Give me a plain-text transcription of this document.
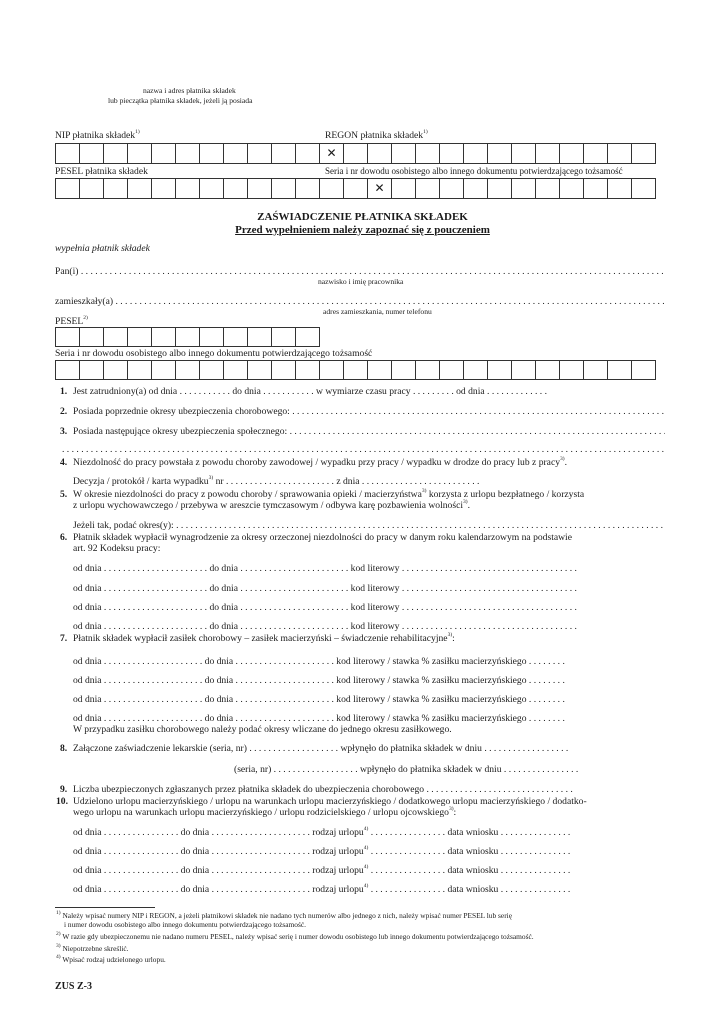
nazwa i adres płatnika składek
lub pieczątka płatnika składek, jeżeli ją posiada
NIP płatnika składek$^{1)}$	REGON płatnika składek$^{1)}$
✕
PESEL płatnika składek	Seria i nr dowodu osobistego albo innego dokumentu potwierdzającego tożsamość
✕
ZAŚWIADCZENIE PŁATNIKA SKŁADEK
Przed wypełnieniem należy zapoznać się z pouczeniem
wypełnia płatnik składek
Pan(i) . . .
nazwisko i imię pracownika
zamieszkały(a) . . .
adres zamieszkania, numer telefonu
PESEL$^{2)}$
Seria i nr dowodu osobistego albo innego dokumentu potwierdzającego tożsamość
1. Jest zatrudniony(a) od dnia . . . . . . . . . . . do dnia . . . . . . . . . . . w wymiarze czasu pracy . . . . . . . . . od dnia . . . . . . . . . . . . .
2. Posiada poprzednie okresy ubezpieczenia chorobowego: . . .
3. Posiada następujące okresy ubezpieczenia społecznego: . . .
. . .
4. Niezdolność do pracy powstała z powodu choroby zawodowej / wypadku przy pracy / wypadku w drodze do pracy lub z pracy$^{3)}$.
Decyzja / protokół / karta wypadku$^{3)}$ nr . . . . . . . . . . . . . . . . . . . . . . . z dnia . . . . . . . . . . . . . . . . . . . . . . . . .
5. W okresie niezdolności do pracy z powodu choroby / sprawowania opieki / macierzyństwa$^{3)}$ korzysta z urlopu bezpłatnego / korzysta
z urlopu wychowawczego / przebywa w areszcie tymczasowym / odbywa karę pozbawienia wolności$^{3)}$.
Jeżeli tak, podać okres(y): . . .
6. Płatnik składek wypłacił wynagrodzenie za okresy orzeczonej niezdolności do pracy w danym roku kalendarzowym na podstawie
art. 92 Kodeksu pracy:
od dnia . . . . . . . . . . . . . . . . . . . . . . do dnia . . . . . . . . . . . . . . . . . . . . . . . kod literowy . . . . . . . . . . . . . . . . . . . . . . . . . . . . . . . . . . . . .
od dnia . . . . . . . . . . . . . . . . . . . . . . do dnia . . . . . . . . . . . . . . . . . . . . . . . kod literowy . . . . . . . . . . . . . . . . . . . . . . . . . . . . . . . . . . . . .
od dnia . . . . . . . . . . . . . . . . . . . . . . do dnia . . . . . . . . . . . . . . . . . . . . . . . kod literowy . . . . . . . . . . . . . . . . . . . . . . . . . . . . . . . . . . . . .
od dnia . . . . . . . . . . . . . . . . . . . . . . do dnia . . . . . . . . . . . . . . . . . . . . . . . kod literowy . . . . . . . . . . . . . . . . . . . . . . . . . . . . . . . . . . . . .
7. Płatnik składek wypłacił zasiłek chorobowy – zasiłek macierzyński – świadczenie rehabilitacyjne$^{3)}$:
od dnia . . . . . . . . . . . . . . . . . . . . . do dnia . . . . . . . . . . . . . . . . . . . . . kod literowy / stawka % zasiłku macierzyńskiego . . . . . . . .
od dnia . . . . . . . . . . . . . . . . . . . . . do dnia . . . . . . . . . . . . . . . . . . . . . kod literowy / stawka % zasiłku macierzyńskiego . . . . . . . .
od dnia . . . . . . . . . . . . . . . . . . . . . do dnia . . . . . . . . . . . . . . . . . . . . . kod literowy / stawka % zasiłku macierzyńskiego . . . . . . . .
od dnia . . . . . . . . . . . . . . . . . . . . . do dnia . . . . . . . . . . . . . . . . . . . . . kod literowy / stawka % zasiłku macierzyńskiego . . . . . . . .
W przypadku zasiłku chorobowego należy podać okresy wliczane do jednego okresu zasiłkowego.
8. Załączone zaświadczenie lekarskie (seria, nr) . . . . . . . . . . . . . . . . . . . wpłynęło do płatnika składek w dniu . . . . . . . . . . . . . . . . . .
(seria, nr) . . . . . . . . . . . . . . . . . . wpłynęło do płatnika składek w dniu . . . . . . . . . . . . . . . .
9. Liczba ubezpieczonych zgłaszanych przez płatnika składek do ubezpieczenia chorobowego . . . . . . . . . . . . . . . . . . . . . . . . . . . . . . .
10. Udzielono urlopu macierzyńskiego / urlopu na warunkach urlopu macierzyńskiego / dodatkowego urlopu macierzyńskiego / dodatko-
wego urlopu na warunkach urlopu macierzyńskiego / urlopu rodzicielskiego / urlopu ojcowskiego$^{3)}$:
od dnia . . . . . . . . . . . . . . . . do dnia . . . . . . . . . . . . . . . . . . . . . rodzaj urlopu$^{4)}$ . . . . . . . . . . . . . . . . data wniosku . . . . . . . . . . . . . . .
od dnia . . . . . . . . . . . . . . . . do dnia . . . . . . . . . . . . . . . . . . . . . rodzaj urlopu$^{4)}$ . . . . . . . . . . . . . . . . data wniosku . . . . . . . . . . . . . . .
od dnia . . . . . . . . . . . . . . . . do dnia . . . . . . . . . . . . . . . . . . . . . rodzaj urlopu$^{4)}$ . . . . . . . . . . . . . . . . data wniosku . . . . . . . . . . . . . . .
od dnia . . . . . . . . . . . . . . . . do dnia . . . . . . . . . . . . . . . . . . . . . rodzaj urlopu$^{4)}$ . . . . . . . . . . . . . . . . data wniosku . . . . . . . . . . . . . . .
$^{1)}$ Należy wpisać numery NIP i REGON, a jeżeli płatnikowi składek nie nadano tych numerów albo jednego z nich, należy wpisać numer PESEL lub serię
i numer dowodu osobistego albo innego dokumentu potwierdzającego tożsamość.
$^{2)}$ W razie gdy ubezpieczonemu nie nadano numeru PESEL, należy wpisać serię i numer dowodu osobistego lub innego dokumentu potwierdzającego tożsamość.
$^{3)}$ Niepotrzebne skreślić.
$^{4)}$ Wpisać rodzaj udzielonego urlopu.
ZUS Z-3
